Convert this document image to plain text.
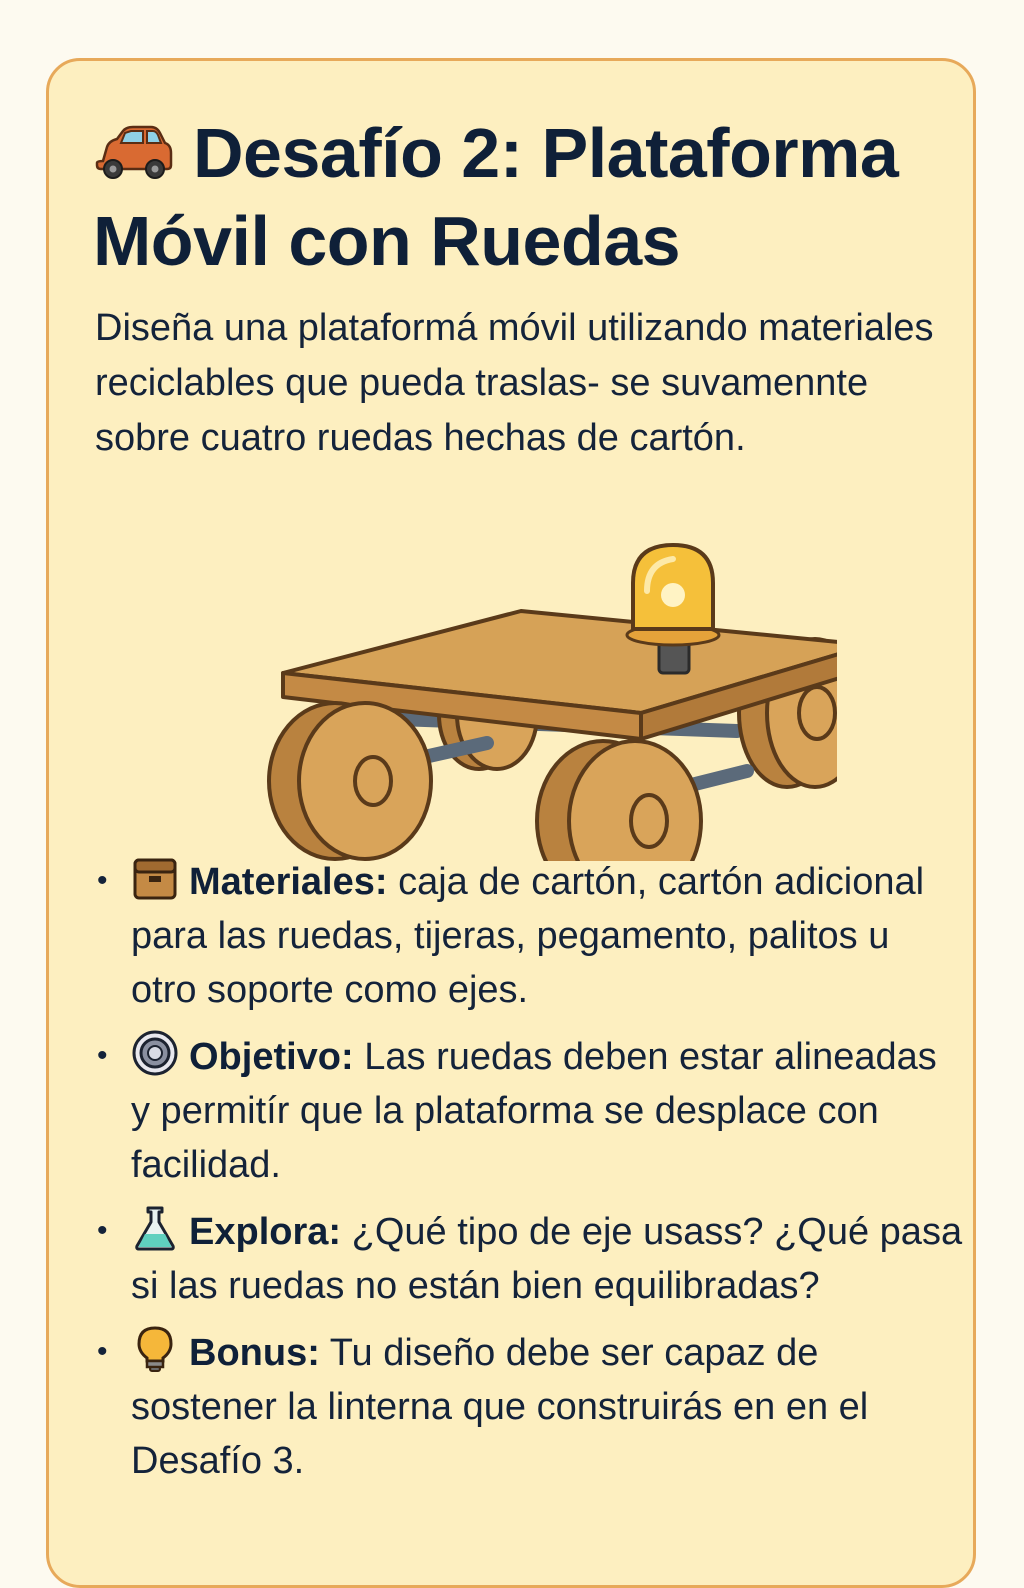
Desafío 2: Plataforma Móvil con Ruedas

Diseña una plataformá móvil utilizando materiales reciclables que pueda traslas- se suvamennte sobre cuatro ruedas hechas de cartón.

• Materiales: caja de cartón, cartón adicional para las ruedas, tijeras, pegamento, palitos u otro soporte como ejes.
• Objetivo: Las ruedas deben estar alineadas y permitír que la plataforma se desplace con facilidad.
• Explora: ¿Qué tipo de eje usass? ¿Qué pasa si las ruedas no están bien equilibradas?
• Bonus: Tu diseño debe ser capaz de sostener la linterna que construirás en en el Desafío 3.
